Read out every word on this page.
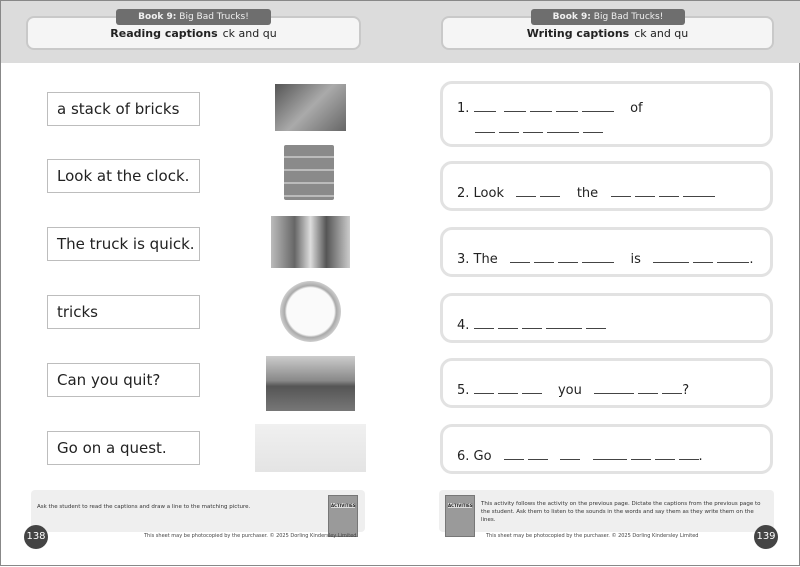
Book 9: Big Bad Trucks!
Reading captions ck and qu
a stack of bricks
Look at the clock.
The truck is quick.
tricks
Can you quit?
Go on a quest.
Ask the student to read the captions and draw a line to the matching picture.	ACTIVITIES
This sheet may be photocopied by the purchaser. © 2025 Dorling Kindersley Limited
138
Book 9: Big Bad Trucks!
Writing captions ck and qu
1.	of
2. Look	the
3. The	is	.
4.
5.	you	?
6. Go	.
This activity follows the activity on the previous page. Dictate the captions from the previous page to the student. Ask them to listen to the sounds in the words and say them as they write them on the lines.
ACTIVITIES
This sheet may be photocopied by the purchaser. © 2025 Dorling Kindersley Limited	139
